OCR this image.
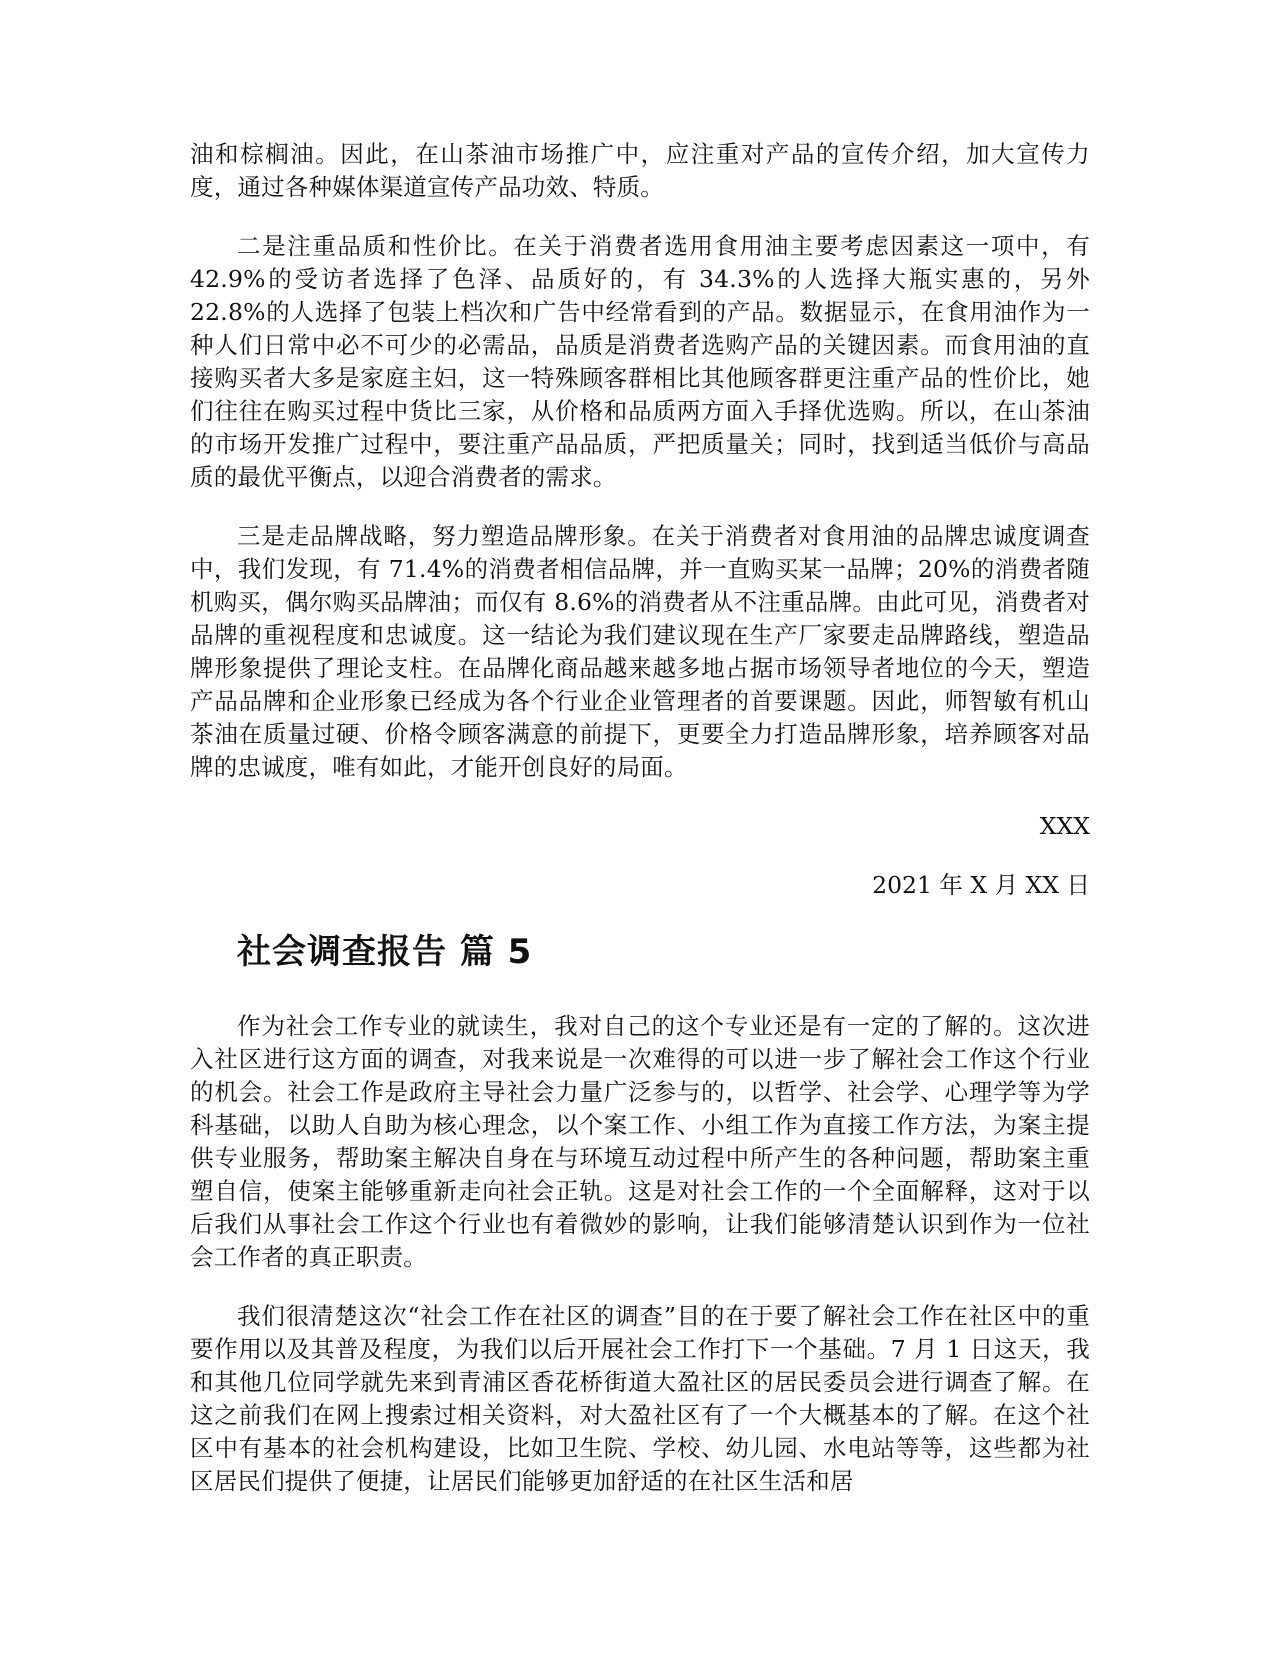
油和棕榈油。因此，在山茶油市场推广中，应注重对产品的宣传介绍，加大宣传力度，通过各种媒体渠道宣传产品功效、特质。

二是注重品质和性价比。在关于消费者选用食用油主要考虑因素这一项中，有42.9%的受访者选择了色泽、品质好的，有 34.3%的人选择大瓶实惠的，另外 22.8%的人选择了包装上档次和广告中经常看到的产品。数据显示，在食用油作为一种人们日常中必不可少的必需品，品质是消费者选购产品的关键因素。而食用油的直接购买者大多是家庭主妇，这一特殊顾客群相比其他顾客群更注重产品的性价比，她们往往在购买过程中货比三家，从价格和品质两方面入手择优选购。所以，在山茶油的市场开发推广过程中，要注重产品品质，严把质量关；同时，找到适当低价与高品质的最优平衡点，以迎合消费者的需求。

三是走品牌战略，努力塑造品牌形象。在关于消费者对食用油的品牌忠诚度调查中，我们发现，有 71.4%的消费者相信品牌，并一直购买某一品牌；20%的消费者随机购买，偶尔购买品牌油；而仅有 8.6%的消费者从不注重品牌。由此可见，消费者对品牌的重视程度和忠诚度。这一结论为我们建议现在生产厂家要走品牌路线，塑造品牌形象提供了理论支柱。在品牌化商品越来越多地占据市场领导者地位的今天，塑造产品品牌和企业形象已经成为各个行业企业管理者的首要课题。因此，师智敏有机山茶油在质量过硬、价格令顾客满意的前提下，更要全力打造品牌形象，培养顾客对品牌的忠诚度，唯有如此，才能开创良好的局面。

XXX
2021 年 X 月 XX 日
社会调查报告 篇 5

作为社会工作专业的就读生，我对自己的这个专业还是有一定的了解的。这次进入社区进行这方面的调查，对我来说是一次难得的可以进一步了解社会工作这个行业的机会。社会工作是政府主导社会力量广泛参与的，以哲学、社会学、心理学等为学科基础，以助人自助为核心理念，以个案工作、小组工作为直接工作方法，为案主提供专业服务，帮助案主解决自身在与环境互动过程中所产生的各种问题，帮助案主重塑自信，使案主能够重新走向社会正轨。这是对社会工作的一个全面解释，这对于以后我们从事社会工作这个行业也有着微妙的影响，让我们能够清楚认识到作为一位社会工作者的真正职责。

我们很清楚这次“社会工作在社区的调查”目的在于要了解社会工作在社区中的重要作用以及其普及程度，为我们以后开展社会工作打下一个基础。7 月 1 日这天，我和其他几位同学就先来到青浦区香花桥街道大盈社区的居民委员会进行调查了解。在这之前我们在网上搜索过相关资料，对大盈社区有了一个大概基本的了解。在这个社区中有基本的社会机构建设，比如卫生院、学校、幼儿园、水电站等等，这些都为社区居民们提供了便捷，让居民们能够更加舒适的在社区生活和居
